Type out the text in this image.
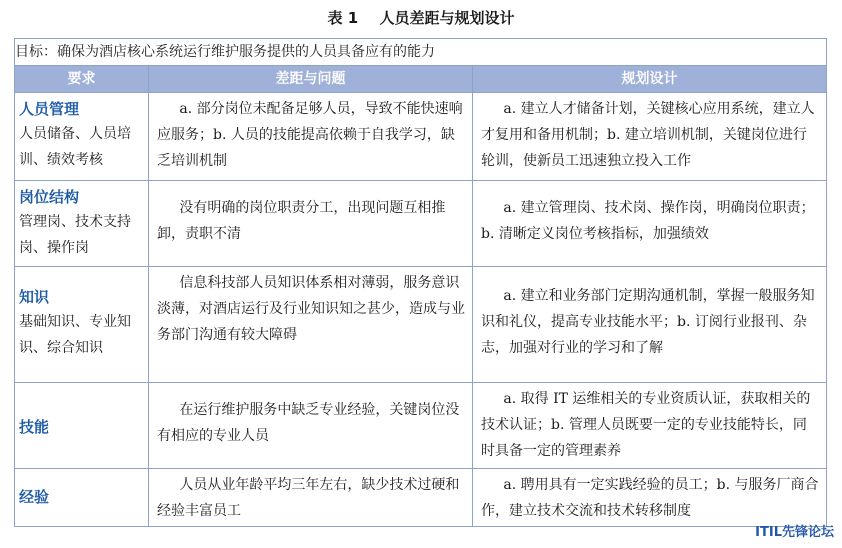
表 1 人员差距与规划设计
目标：确保为酒店核心系统运行维护服务提供的人员具备应有的能力		
要求	差距与问题	规划设计

人员管理
人员储备、人员培训、绩效考核	a. 部分岗位未配备足够人员，导致不能快速响应服务；b. 人员的技能提高依赖于自我学习，缺乏培训机制	a. 建立人才储备计划，关键核心应用系统，建立人才复用和备用机制；b. 建立培训机制，关键岗位进行轮训，使新员工迅速独立投入工作

岗位结构
管理岗、技术支持岗、操作岗	没有明确的岗位职责分工，出现问题互相推卸，责职不清	a. 建立管理岗、技术岗、操作岗，明确岗位职责；b. 清晰定义岗位考核指标，加强绩效

知识
基础知识、专业知识、综合知识	信息科技部人员知识体系相对薄弱，服务意识淡薄，对酒店运行及行业知识知之甚少，造成与业务部门沟通有较大障碍	a. 建立和业务部门定期沟通机制，掌握一般服务知识和礼仪，提高专业技能水平；b. 订阅行业报刊、杂志，加强对行业的学习和了解

技能	在运行维护服务中缺乏专业经验，关键岗位没有相应的专业人员	a. 取得 IT 运维相关的专业资质认证，获取相关的技术认证；b. 管理人员既要一定的专业技能特长，同时具备一定的管理素养

经验	人员从业年龄平均三年左右，缺少技术过硬和经验丰富员工	a. 聘用具有一定实践经验的员工；b. 与服务厂商合作，建立技术交流和技术转移制度
ITIL先锋论坛
